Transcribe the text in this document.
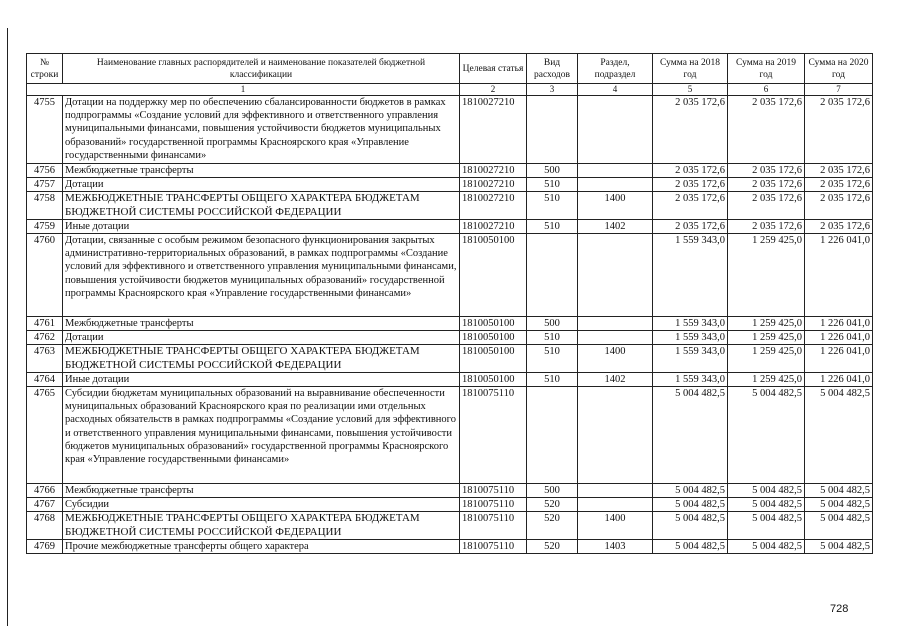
№ строки	Наименование главных распорядителей и наименование показателей бюджетной классификации	Целевая статья	Вид расходов	Раздел, подраздел	Сумма на 2018 год	Сумма на 2019 год	Сумма на 2020 год
1		2	3	4	5	6	7
4755	Дотации на поддержку мер по обеспечению сбалансированности бюджетов в рамках подпрограммы «Создание условий для эффективного и ответственного управления муниципальными финансами, повышения устойчивости бюджетов муниципальных образований» государственной программы Красноярского края «Управление государственными финансами»	1810027210			2 035 172,6	2 035 172,6	2 035 172,6
4756	Межбюджетные трансферты	1810027210	500		2 035 172,6	2 035 172,6	2 035 172,6
4757	Дотации	1810027210	510		2 035 172,6	2 035 172,6	2 035 172,6
4758	МЕЖБЮДЖЕТНЫЕ ТРАНСФЕРТЫ ОБЩЕГО ХАРАКТЕРА БЮДЖЕТАМ БЮДЖЕТНОЙ СИСТЕМЫ РОССИЙСКОЙ ФЕДЕРАЦИИ	1810027210	510	1400	2 035 172,6	2 035 172,6	2 035 172,6
4759	Иные дотации	1810027210	510	1402	2 035 172,6	2 035 172,6	2 035 172,6
4760	Дотации, связанные с особым режимом безопасного функционирования закрытых административно-территориальных образований, в рамках подпрограммы «Создание условий для эффективного и ответственного управления муниципальными финансами, повышения устойчивости бюджетов муниципальных образований» государственной программы Красноярского края «Управление государственными финансами»	1810050100			1 559 343,0	1 259 425,0	1 226 041,0
4761	Межбюджетные трансферты	1810050100	500		1 559 343,0	1 259 425,0	1 226 041,0
4762	Дотации	1810050100	510		1 559 343,0	1 259 425,0	1 226 041,0
4763	МЕЖБЮДЖЕТНЫЕ ТРАНСФЕРТЫ ОБЩЕГО ХАРАКТЕРА БЮДЖЕТАМ БЮДЖЕТНОЙ СИСТЕМЫ РОССИЙСКОЙ ФЕДЕРАЦИИ	1810050100	510	1400	1 559 343,0	1 259 425,0	1 226 041,0
4764	Иные дотации	1810050100	510	1402	1 559 343,0	1 259 425,0	1 226 041,0
4765	Субсидии бюджетам муниципальных образований на выравнивание обеспеченности муниципальных образований Красноярского края по реализации ими отдельных расходных обязательств в рамках подпрограммы «Создание условий для эффективного и ответственного управления муниципальными финансами, повышения устойчивости бюджетов муниципальных образований» государственной программы Красноярского края «Управление государственными финансами»	1810075110			5 004 482,5	5 004 482,5	5 004 482,5
4766	Межбюджетные трансферты	1810075110	500		5 004 482,5	5 004 482,5	5 004 482,5
4767	Субсидии	1810075110	520		5 004 482,5	5 004 482,5	5 004 482,5
4768	МЕЖБЮДЖЕТНЫЕ ТРАНСФЕРТЫ ОБЩЕГО ХАРАКТЕРА БЮДЖЕТАМ БЮДЖЕТНОЙ СИСТЕМЫ РОССИЙСКОЙ ФЕДЕРАЦИИ	1810075110	520	1400	5 004 482,5	5 004 482,5	5 004 482,5
4769	Прочие межбюджетные трансферты общего характера	1810075110	520	1403	5 004 482,5	5 004 482,5	5 004 482,5
728
